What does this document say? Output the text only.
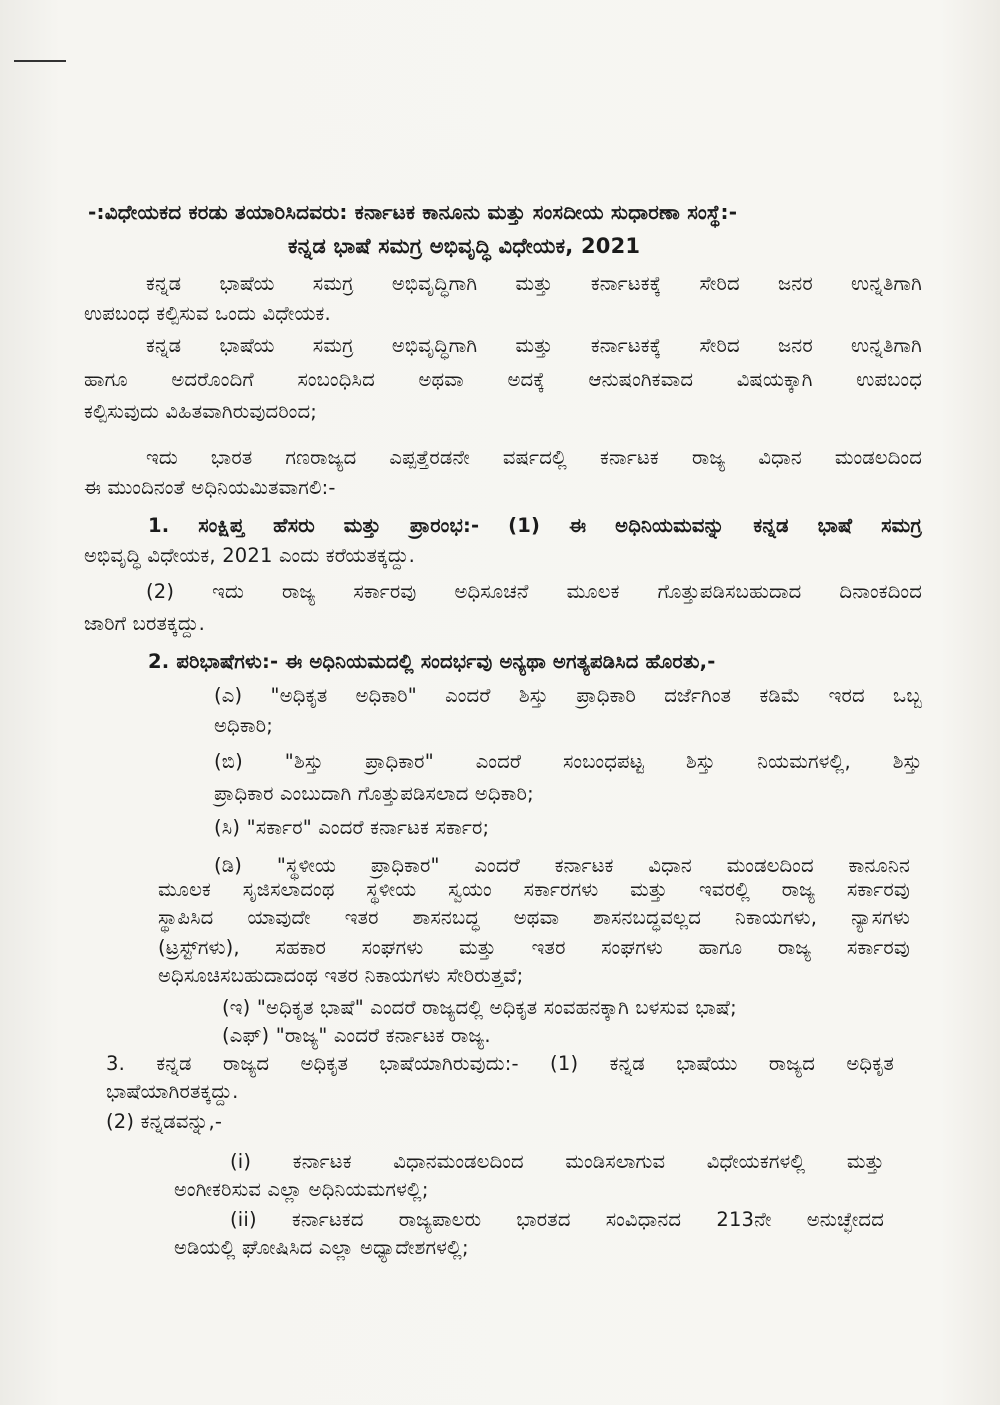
-:ವಿಧೇಯಕದ ಕರಡು ತಯಾರಿಸಿದವರು: ಕರ್ನಾಟಕ ಕಾನೂನು ಮತ್ತು ಸಂಸದೀಯ ಸುಧಾರಣಾ ಸಂಸ್ಥೆ:-
ಕನ್ನಡ ಭಾಷೆ ಸಮಗ್ರ ಅಭಿವೃದ್ಧಿ ವಿಧೇಯಕ, 2021
ಕನ್ನಡ ಭಾಷೆಯ ಸಮಗ್ರ ಅಭಿವೃದ್ಧಿಗಾಗಿ ಮತ್ತು ಕರ್ನಾಟಕಕ್ಕೆ ಸೇರಿದ ಜನರ ಉನ್ನತಿಗಾಗಿ
ಉಪಬಂಧ ಕಲ್ಪಿಸುವ ಒಂದು ವಿಧೇಯಕ.
ಕನ್ನಡ ಭಾಷೆಯ ಸಮಗ್ರ ಅಭಿವೃದ್ಧಿಗಾಗಿ ಮತ್ತು ಕರ್ನಾಟಕಕ್ಕೆ ಸೇರಿದ ಜನರ ಉನ್ನತಿಗಾಗಿ
ಹಾಗೂ ಅದರೊಂದಿಗೆ ಸಂಬಂಧಿಸಿದ ಅಥವಾ ಅದಕ್ಕೆ ಆನುಷಂಗಿಕವಾದ ವಿಷಯಕ್ಕಾಗಿ ಉಪಬಂಧ
ಕಲ್ಪಿಸುವುದು ವಿಹಿತವಾಗಿರುವುದರಿಂದ;
ಇದು ಭಾರತ ಗಣರಾಜ್ಯದ ಎಪ್ಪತ್ತೆರಡನೇ ವರ್ಷದಲ್ಲಿ ಕರ್ನಾಟಕ ರಾಜ್ಯ ವಿಧಾನ ಮಂಡಲದಿಂದ
ಈ ಮುಂದಿನಂತೆ ಅಧಿನಿಯಮಿತವಾಗಲಿ:-
1. ಸಂಕ್ಷಿಪ್ತ ಹೆಸರು ಮತ್ತು ಪ್ರಾರಂಭ:- (1) ಈ ಅಧಿನಿಯಮವನ್ನು ಕನ್ನಡ ಭಾಷೆ ಸಮಗ್ರ
ಅಭಿವೃದ್ಧಿ ವಿಧೇಯಕ, 2021 ಎಂದು ಕರೆಯತಕ್ಕದ್ದು.
(2) ಇದು ರಾಜ್ಯ ಸರ್ಕಾರವು ಅಧಿಸೂಚನೆ ಮೂಲಕ ಗೊತ್ತುಪಡಿಸಬಹುದಾದ ದಿನಾಂಕದಿಂದ
ಜಾರಿಗೆ ಬರತಕ್ಕದ್ದು.
2. ಪರಿಭಾಷೆಗಳು:- ಈ ಅಧಿನಿಯಮದಲ್ಲಿ ಸಂದರ್ಭವು ಅನ್ಯಥಾ ಅಗತ್ಯಪಡಿಸಿದ ಹೊರತು,-
(ಎ) "ಅಧಿಕೃತ ಅಧಿಕಾರಿ" ಎಂದರೆ ಶಿಸ್ತು ಪ್ರಾಧಿಕಾರಿ ದರ್ಜೆಗಿಂತ ಕಡಿಮೆ ಇರದ ಒಬ್ಬ
ಅಧಿಕಾರಿ;
(ಬಿ) "ಶಿಸ್ತು ಪ್ರಾಧಿಕಾರ" ಎಂದರೆ ಸಂಬಂಧಪಟ್ಟ ಶಿಸ್ತು ನಿಯಮಗಳಲ್ಲಿ, ಶಿಸ್ತು
ಪ್ರಾಧಿಕಾರ ಎಂಬುದಾಗಿ ಗೊತ್ತುಪಡಿಸಲಾದ ಅಧಿಕಾರಿ;
(ಸಿ) "ಸರ್ಕಾರ" ಎಂದರೆ ಕರ್ನಾಟಕ ಸರ್ಕಾರ;
(ಡಿ) "ಸ್ಥಳೀಯ ಪ್ರಾಧಿಕಾರ" ಎಂದರೆ ಕರ್ನಾಟಕ ವಿಧಾನ ಮಂಡಲದಿಂದ ಕಾನೂನಿನ
ಮೂಲಕ ಸೃಜಿಸಲಾದಂಥ ಸ್ಥಳೀಯ ಸ್ವಯಂ ಸರ್ಕಾರಗಳು ಮತ್ತು ಇವರಲ್ಲಿ ರಾಜ್ಯ ಸರ್ಕಾರವು
ಸ್ಥಾಪಿಸಿದ ಯಾವುದೇ ಇತರ ಶಾಸನಬದ್ಧ ಅಥವಾ ಶಾಸನಬದ್ಧವಲ್ಲದ ನಿಕಾಯಗಳು, ನ್ಯಾಸಗಳು
(ಟ್ರಸ್ಟ್‌ಗಳು), ಸಹಕಾರ ಸಂಘಗಳು ಮತ್ತು ಇತರ ಸಂಘಗಳು ಹಾಗೂ ರಾಜ್ಯ ಸರ್ಕಾರವು
ಅಧಿಸೂಚಿಸಬಹುದಾದಂಥ ಇತರ ನಿಕಾಯಗಳು ಸೇರಿರುತ್ತವೆ;
(ಇ) "ಅಧಿಕೃತ ಭಾಷೆ" ಎಂದರೆ ರಾಜ್ಯದಲ್ಲಿ ಅಧಿಕೃತ ಸಂವಹನಕ್ಕಾಗಿ ಬಳಸುವ ಭಾಷೆ;
(ಎಫ್) "ರಾಜ್ಯ" ಎಂದರೆ ಕರ್ನಾಟಕ ರಾಜ್ಯ.
3. ಕನ್ನಡ ರಾಜ್ಯದ ಅಧಿಕೃತ ಭಾಷೆಯಾಗಿರುವುದು:- (1) ಕನ್ನಡ ಭಾಷೆಯು ರಾಜ್ಯದ ಅಧಿಕೃತ
ಭಾಷೆಯಾಗಿರತಕ್ಕದ್ದು.
(2) ಕನ್ನಡವನ್ನು,-
(i) ಕರ್ನಾಟಕ ವಿಧಾನಮಂಡಲದಿಂದ ಮಂಡಿಸಲಾಗುವ ವಿಧೇಯಕಗಳಲ್ಲಿ ಮತ್ತು
ಅಂಗೀಕರಿಸುವ ಎಲ್ಲಾ ಅಧಿನಿಯಮಗಳಲ್ಲಿ;
(ii) ಕರ್ನಾಟಕದ ರಾಜ್ಯಪಾಲರು ಭಾರತದ ಸಂವಿಧಾನದ 213ನೇ ಅನುಚ್ಛೇದದ
ಅಡಿಯಲ್ಲಿ ಘೋಷಿಸಿದ ಎಲ್ಲಾ ಅಧ್ಯಾದೇಶಗಳಲ್ಲಿ;
